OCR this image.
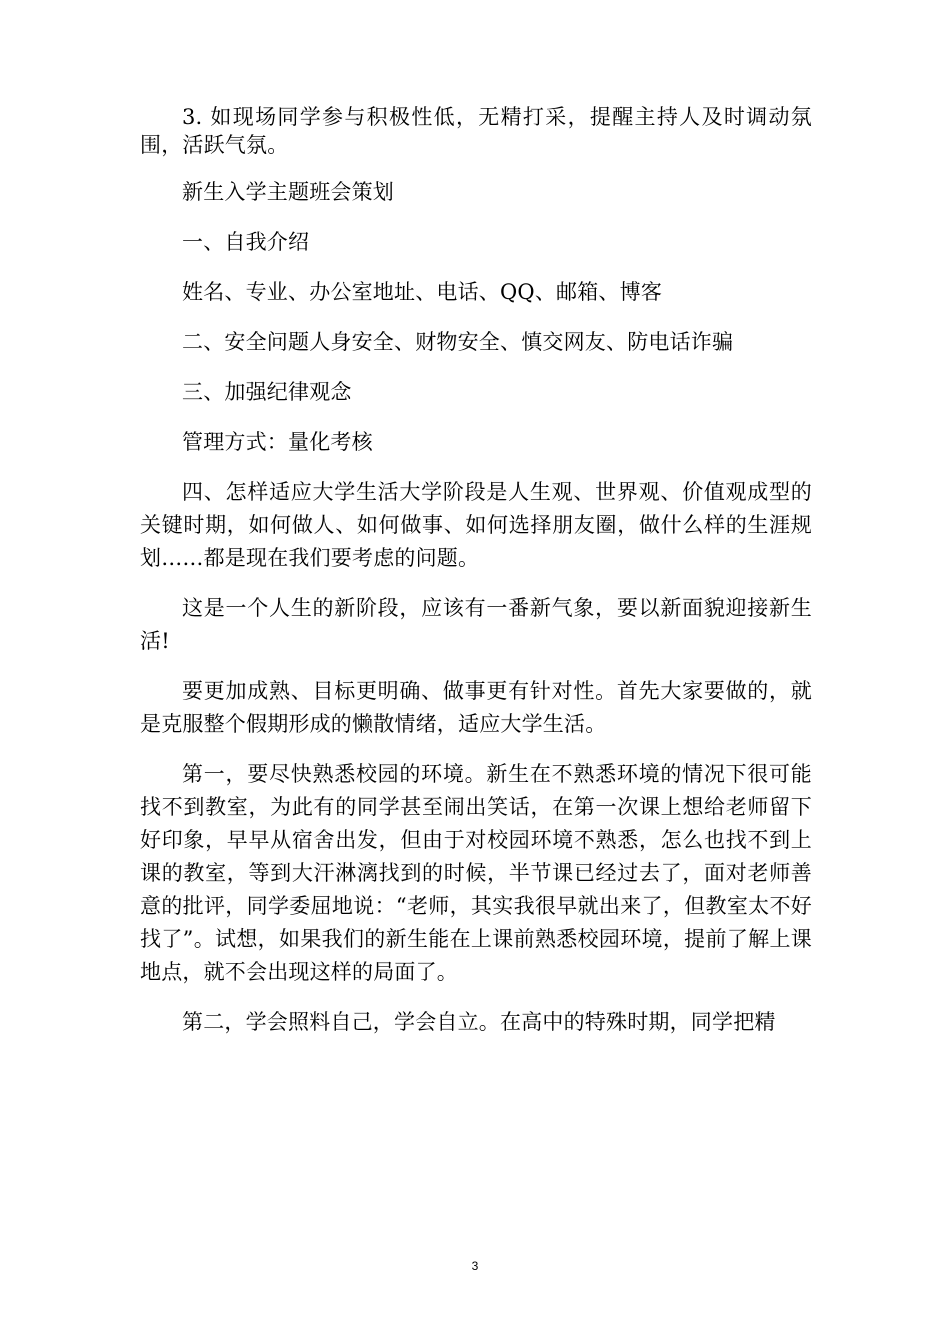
3. 如现场同学参与积极性低，无精打采，提醒主持人及时调动氛围，活跃气氛。

新生入学主题班会策划

一、自我介绍

姓名、专业、办公室地址、电话、QQ、邮箱、博客

二、安全问题人身安全、财物安全、慎交网友、防电话诈骗

三、加强纪律观念

管理方式：量化考核

四、怎样适应大学生活大学阶段是人生观、世界观、价值观成型的关键时期，如何做人、如何做事、如何选择朋友圈，做什么样的生涯规划……都是现在我们要考虑的问题。

这是一个人生的新阶段，应该有一番新气象，要以新面貌迎接新生活!

要更加成熟、目标更明确、做事更有针对性。首先大家要做的，就是克服整个假期形成的懒散情绪，适应大学生活。

第一，要尽快熟悉校园的环境。新生在不熟悉环境的情况下很可能找不到教室，为此有的同学甚至闹出笑话，在第一次课上想给老师留下好印象，早早从宿舍出发，但由于对校园环境不熟悉，怎么也找不到上课的教室，等到大汗淋漓找到的时候，半节课已经过去了，面对老师善意的批评，同学委屈地说：“老师，其实我很早就出来了，但教室太不好找了”。试想，如果我们的新生能在上课前熟悉校园环境，提前了解上课地点，就不会出现这样的局面了。

第二，学会照料自己，学会自立。在高中的特殊时期，同学把精

3
